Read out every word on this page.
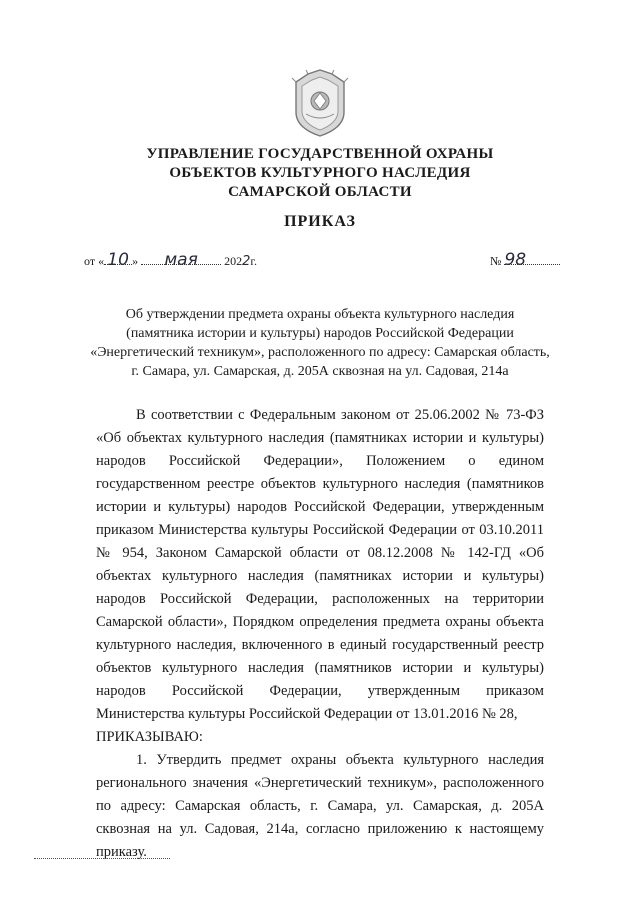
УПРАВЛЕНИЕ ГОСУДАРСТВЕННОЙ ОХРАНЫ
ОБЪЕКТОВ КУЛЬТУРНОГО НАСЛЕДИЯ
САМАРСКОЙ ОБЛАСТИ
ПРИКАЗ
от « 10 » мая 2022г.	№ 98
Об утверждении предмета охраны объекта культурного наследия
(памятника истории и культуры) народов Российской Федерации
«Энергетический техникум», расположенного по адресу: Самарская область,
г. Самара, ул. Самарская, д. 205А сквозная на ул. Садовая, 214а

В соответствии с Федеральным законом от 25.06.2002 № 73-ФЗ «Об объектах культурного наследия (памятниках истории и культуры) народов Российской Федерации», Положением о едином государственном реестре объектов культурного наследия (памятников истории и культуры) народов Российской Федерации, утвержденным приказом Министерства культуры Российской Федерации от 03.10.2011 № 954, Законом Самарской области от 08.12.2008 № 142-ГД «Об объектах культурного наследия (памятниках истории и культуры) народов Российской Федерации, расположенных на территории Самарской области», Порядком определения предмета охраны объекта культурного наследия, включенного в единый государственный реестр объектов культурного наследия (памятников истории и культуры) народов Российской Федерации, утвержденным приказом Министерства культуры Российской Федерации от 13.01.2016 № 28,

ПРИКАЗЫВАЮ:

1. Утвердить предмет охраны объекта культурного наследия регионального значения «Энергетический техникум», расположенного по адресу: Самарская область, г. Самара, ул. Самарская, д. 205А сквозная на ул. Садовая, 214а, согласно приложению к настоящему приказу.
